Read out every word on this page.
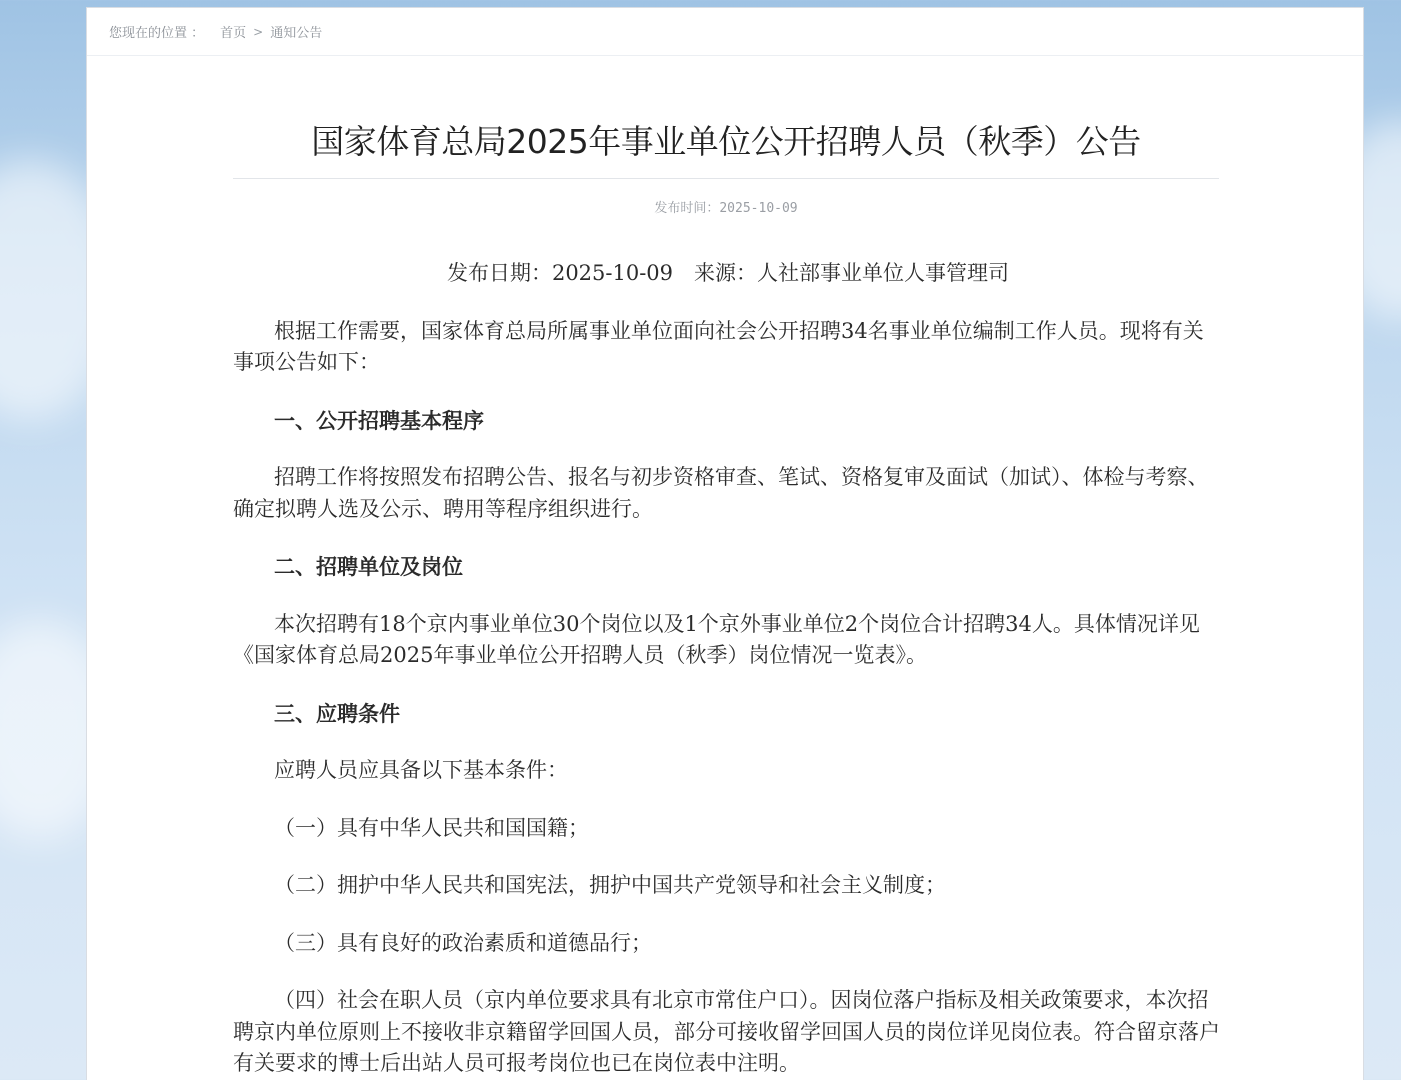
您现在的位置 ： 首页 > 通知公告
国家体育总局2025年事业单位公开招聘人员（秋季）公告
发布时间：2025-10-09

发布日期：2025-10-09　来源：人社部事业单位人事管理司

根据工作需要，国家体育总局所属事业单位面向社会公开招聘34名事业单位编制工作人员。现将有关事项公告如下：

一、公开招聘基本程序

招聘工作将按照发布招聘公告、报名与初步资格审查、笔试、资格复审及面试（加试）、体检与考察、确定拟聘人选及公示、聘用等程序组织进行。

二、招聘单位及岗位

本次招聘有18个京内事业单位30个岗位以及1个京外事业单位2个岗位合计招聘34人。具体情况详见《国家体育总局2025年事业单位公开招聘人员（秋季）岗位情况一览表》。

三、应聘条件

应聘人员应具备以下基本条件：

（一）具有中华人民共和国国籍；

（二）拥护中华人民共和国宪法，拥护中国共产党领导和社会主义制度；

（三）具有良好的政治素质和道德品行；

（四）社会在职人员（京内单位要求具有北京市常住户口）。因岗位落户指标及相关政策要求，本次招聘京内单位原则上不接收非京籍留学回国人员，部分可接收留学回国人员的岗位详见岗位表。符合留京落户有关要求的博士后出站人员可报考岗位也已在岗位表中注明。
